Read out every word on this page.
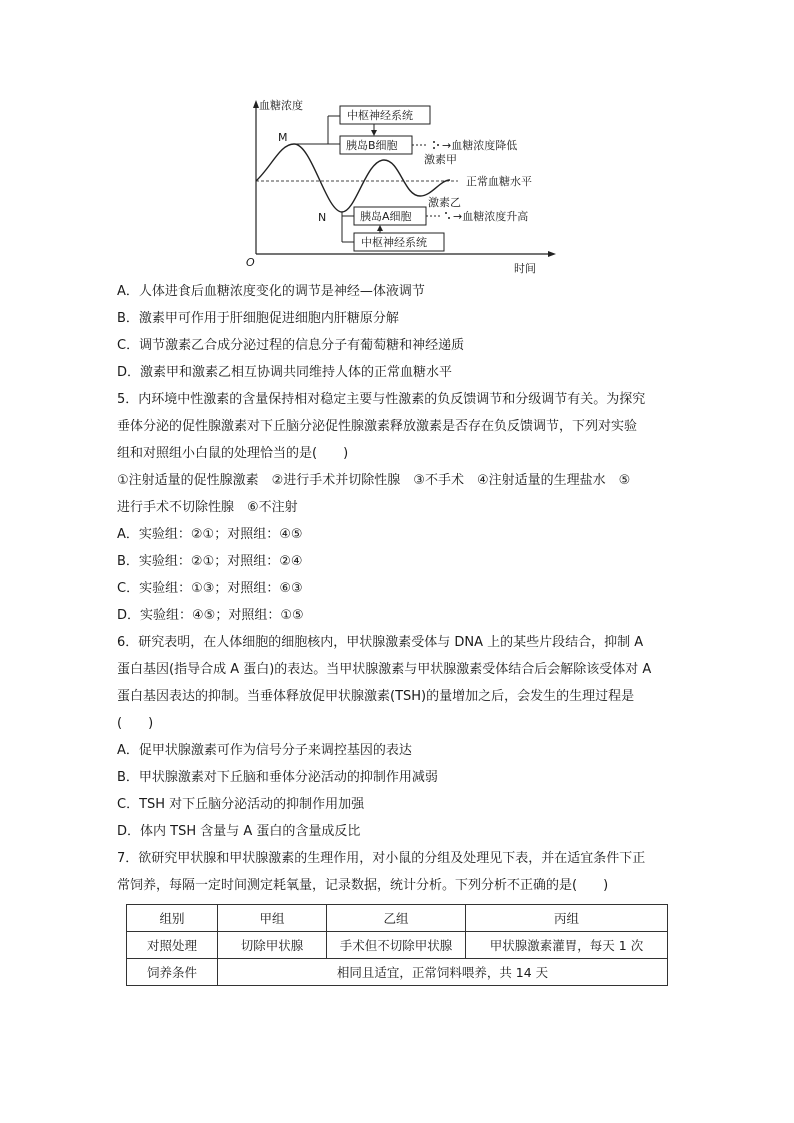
血糖浓度
时间
O
M
N
中枢神经系统
胰岛B细胞	→血糖浓度降低
激素甲
正常血糖水平
激素乙
胰岛A细胞
中枢神经系统
→血糖浓度升高
A．人体进食后血糖浓度变化的调节是神经—体液调节
B．激素甲可作用于肝细胞促进细胞内肝糖原分解
C．调节激素乙合成分泌过程的信息分子有葡萄糖和神经递质
D．激素甲和激素乙相互协调共同维持人体的正常血糖水平
5．内环境中性激素的含量保持相对稳定主要与性激素的负反馈调节和分级调节有关。为探究
垂体分泌的促性腺激素对下丘脑分泌促性腺激素释放激素是否存在负反馈调节，下列对实验
组和对照组小白鼠的处理恰当的是(　　)
①注射适量的促性腺激素　②进行手术并切除性腺　③不手术　④注射适量的生理盐水　⑤
进行手术不切除性腺　⑥不注射
A．实验组：②①；对照组：④⑤
B．实验组：②①；对照组：②④
C．实验组：①③；对照组：⑥③
D．实验组：④⑤；对照组：①⑤
6．研究表明，在人体细胞的细胞核内，甲状腺激素受体与 DNA 上的某些片段结合，抑制 A
蛋白基因(指导合成 A 蛋白)的表达。当甲状腺激素与甲状腺激素受体结合后会解除该受体对 A
蛋白基因表达的抑制。当垂体释放促甲状腺激素(TSH)的量增加之后，会发生的生理过程是
(　　)
A．促甲状腺激素可作为信号分子来调控基因的表达
B．甲状腺激素对下丘脑和垂体分泌活动的抑制作用减弱
C．TSH 对下丘脑分泌活动的抑制作用加强
D．体内 TSH 含量与 A 蛋白的含量成反比
7．欲研究甲状腺和甲状腺激素的生理作用，对小鼠的分组及处理见下表，并在适宜条件下正
常饲养，每隔一定时间测定耗氧量，记录数据，统计分析。下列分析不正确的是(　　)
组别	甲组	乙组	丙组
对照处理	切除甲状腺	手术但不切除甲状腺	甲状腺激素灌胃，每天 1 次
饲养条件	相同且适宜，正常饲料喂养，共 14 天		
